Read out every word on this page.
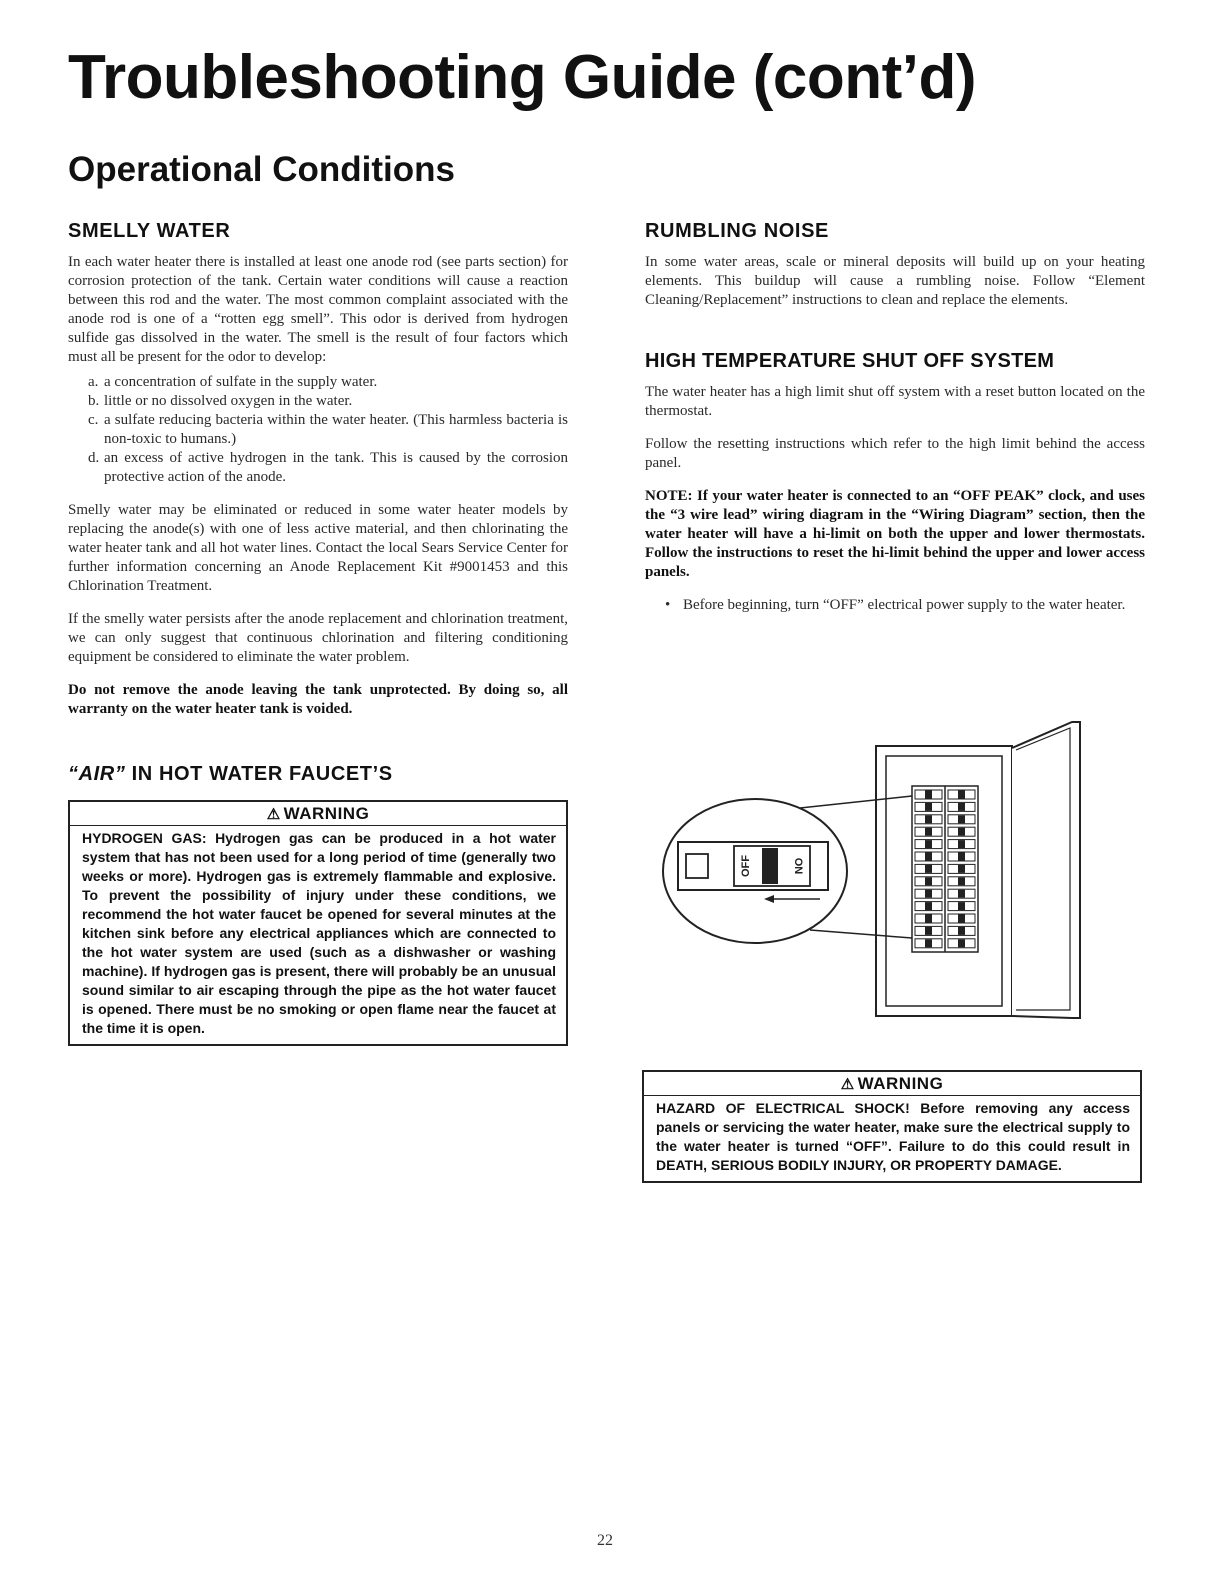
Troubleshooting Guide (cont’d)
Operational Conditions
SMELLY WATER

In each water heater there is installed at least one anode rod (see parts section) for corrosion protection of the tank. Certain water conditions will cause a reaction between this rod and the water. The most common complaint associated with the anode rod is one of a “rotten egg smell”. This odor is derived from hydrogen sulfide gas dissolved in the water. The smell is the result of four factors which must all be present for the odor to develop:

a. a concentration of sulfate in the supply water.
b. little or no dissolved oxygen in the water.
c. a sulfate reducing bacteria within the water heater. (This harmless bacteria is non-toxic to humans.)
d. an excess of active hydrogen in the tank. This is caused by the corrosion protective action of the anode.

Smelly water may be eliminated or reduced in some water heater models by replacing the anode(s) with one of less active material, and then chlorinating the water heater tank and all hot water lines. Contact the local Sears Service Center for further information concerning an Anode Replacement Kit #9001453 and this Chlorination Treatment.

If the smelly water persists after the anode replacement and chlorination treatment, we can only suggest that continuous chlorination and filtering conditioning equipment be considered to eliminate the water problem.

Do not remove the anode leaving the tank unprotected. By doing so, all warranty on the water heater tank is voided.

“AIR” IN HOT WATER FAUCET’S
⚠ WARNING
HYDROGEN GAS: Hydrogen gas can be produced in a hot water system that has not been used for a long period of time (generally two weeks or more). Hydrogen gas is extremely flammable and explosive. To prevent the possibility of injury under these conditions, we recommend the hot water faucet be opened for several minutes at the kitchen sink before any electrical appliances which are connected to the hot water system are used (such as a dishwasher or washing machine). If hydrogen gas is present, there will probably be an unusual sound similar to air escaping through the pipe as the hot water faucet is opened. There must be no smoking or open flame near the faucet at the time it is open.
RUMBLING NOISE

In some water areas, scale or mineral deposits will build up on your heating elements. This buildup will cause a rumbling noise. Follow “Element Cleaning/Replacement” instructions to clean and replace the elements.

HIGH TEMPERATURE SHUT OFF SYSTEM

The water heater has a high limit shut off system with a reset button located on the thermostat.

Follow the resetting instructions which refer to the high limit behind the access panel.

NOTE: If your water heater is connected to an “OFF PEAK” clock, and uses the “3 wire lead” wiring diagram in the “Wiring Diagram” section, then the water heater will have a hi-limit on both the upper and lower thermostats. Follow the instructions to reset the hi-limit behind the upper and lower access panels.

• Before beginning, turn “OFF” electrical power supply to the water heater.
OFF	ON
⚠ WARNING
HAZARD OF ELECTRICAL SHOCK! Before removing any access panels or servicing the water heater, make sure the electrical supply to the water heater is turned “OFF”. Failure to do this could result in DEATH, SERIOUS BODILY INJURY, OR PROPERTY DAMAGE.
22
